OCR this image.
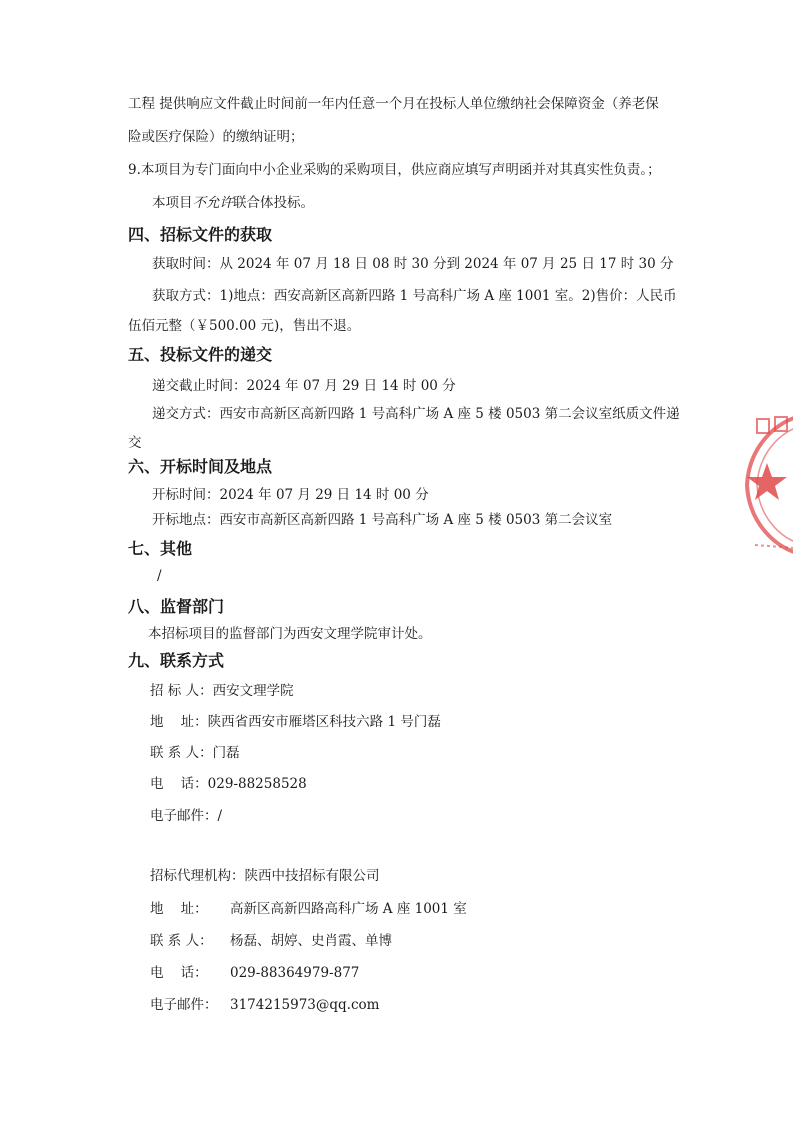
工程 提供响应文件截止时间前一年内任意一个月在投标人单位缴纳社会保障资金（养老保
险或医疗保险）的缴纳证明；
9.本项目为专门面向中小企业采购的采购项目，供应商应填写声明函并对其真实性负责。；
本项目不允许联合体投标。
四、招标文件的获取
获取时间：从 2024 年 07 月 18 日 08 时 30 分到 2024 年 07 月 25 日 17 时 30 分
获取方式：1)地点：西安高新区高新四路 1 号高科广场 A 座 1001 室。2)售价：人民币
伍佰元整（￥500.00 元)，售出不退。
五、投标文件的递交
递交截止时间：2024 年 07 月 29 日 14 时 00 分
递交方式：西安市高新区高新四路 1 号高科广场 A 座 5 楼 0503 第二会议室纸质文件递
交
六、开标时间及地点
开标时间：2024 年 07 月 29 日 14 时 00 分
开标地点：西安市高新区高新四路 1 号高科广场 A 座 5 楼 0503 第二会议室
七、其他
/
八、监督部门
本招标项目的监督部门为西安文理学院审计处。
九、联系方式
招 标 人：西安文理学院
地    址：陕西省西安市雁塔区科技六路 1 号门磊
联 系 人：门磊
电    话：029-88258528
电子邮件：/
招标代理机构：陕西中技招标有限公司
地    址： 高新区高新四路高科广场 A 座 1001 室
联 系 人： 杨磊、胡婷、史肖霞、单博
电    话： 029-88364979-877
电子邮件： 3174215973@qq.com
